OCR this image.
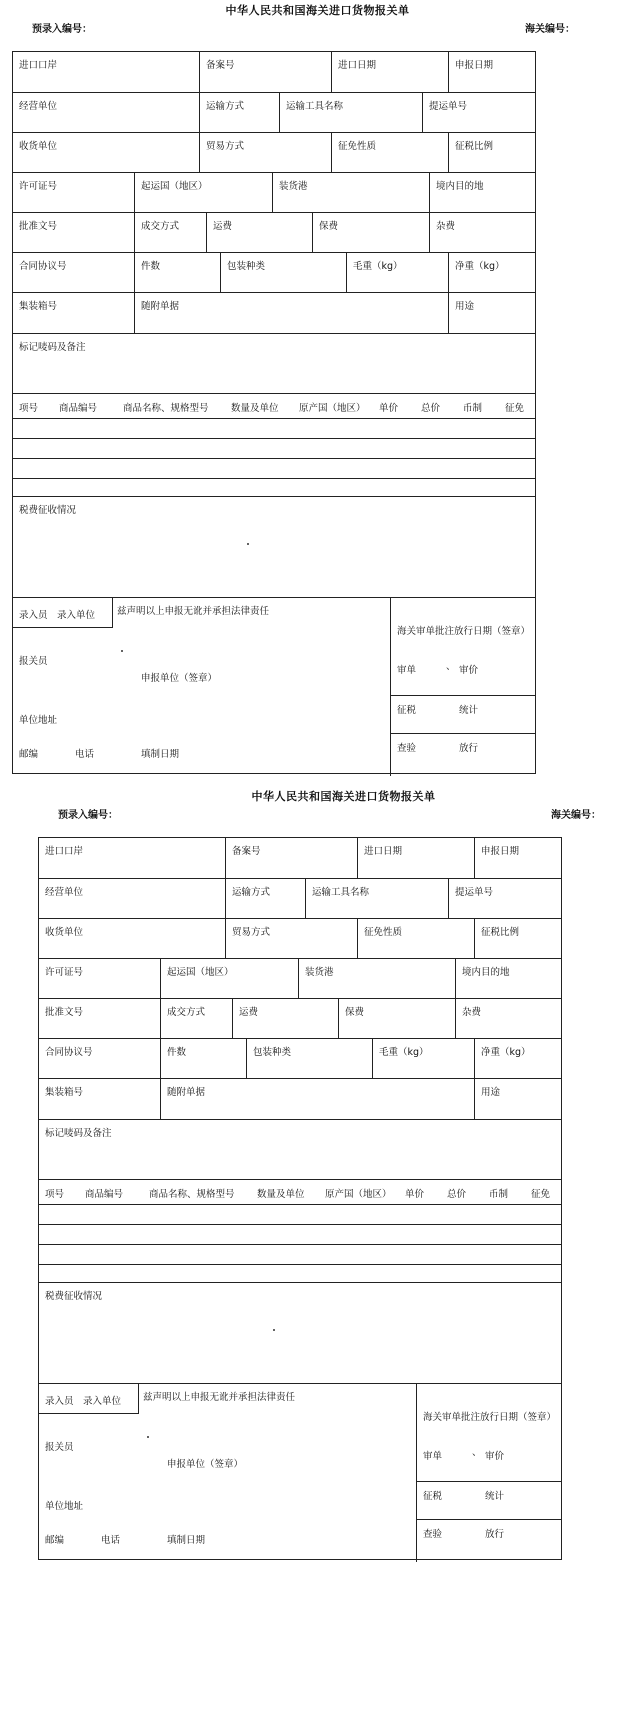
中华人民共和国海关进口货物报关单
预录入编号：	海关编号：
进口口岸	备案号	进口日期	申报日期
经营单位	运输方式	运输工具名称	提运单号
收货单位	贸易方式	征免性质	征税比例
许可证号	起运国（地区）	装货港	境内目的地
批准文号	成交方式	运费	保费	杂费
合同协议号	件数	包装种类	毛重（kg）	净重（kg）
集装箱号	随附单据	用途
标记唛码及备注
项号 商品编号	商品名称、规格型号 数量及单位 原产国（地区） 单价 总价 币制 征免
税费征收情况
录入员 录入单位 兹声明以上申报无讹并承担法律责任
报关员
申报单位（签章）
单位地址
邮编	电话	填制日期
海关审单批注放行日期（签章）
审单	、 审价
征税	统计
查验	放行
中华人民共和国海关进口货物报关单
预录入编号：	海关编号：
进口口岸	备案号	进口日期	申报日期
经营单位	运输方式	运输工具名称	提运单号
收货单位	贸易方式	征免性质	征税比例
许可证号	起运国（地区）	装货港	境内目的地
批准文号	成交方式	运费	保费	杂费
合同协议号	件数	包装种类	毛重（kg）	净重（kg）
集装箱号	随附单据	用途
标记唛码及备注
项号 商品编号	商品名称、规格型号 数量及单位 原产国（地区） 单价 总价 币制 征免
税费征收情况
录入员 录入单位 兹声明以上申报无讹并承担法律责任
报关员
申报单位（签章）
单位地址
邮编	电话	填制日期
海关审单批注放行日期（签章）
审单	、 审价
征税	统计
查验	放行
